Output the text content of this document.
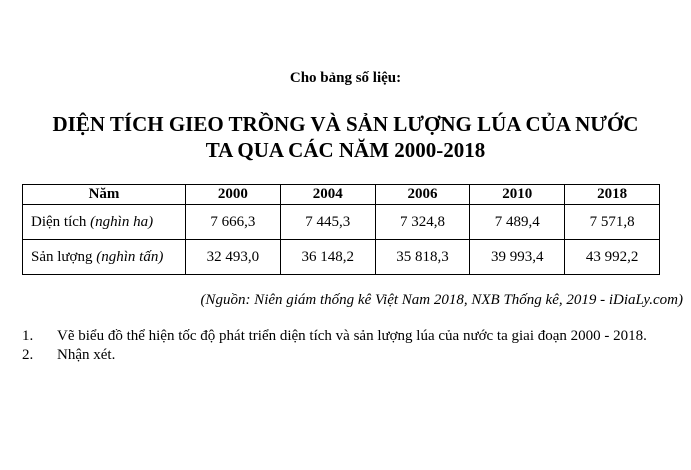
Cho bảng số liệu:
DIỆN TÍCH GIEO TRỒNG VÀ SẢN LƯỢNG LÚA CỦA NƯỚC
TA QUA CÁC NĂM 2000-2018
Năm	2000	2004	2006	2010	2018
Diện tích (nghìn ha)	7 666,3	7 445,3	7 324,8	7 489,4	7 571,8
Sản lượng (nghìn tấn)	32 493,0	36 148,2	35 818,3	39 993,4	43 992,2
(Nguồn: Niên giám thống kê Việt Nam 2018, NXB Thống kê, 2019 - iDiaLy.com)
1.	Vẽ biểu đồ thể hiện tốc độ phát triển diện tích và sản lượng lúa của nước ta giai đoạn 2000 - 2018.
2.	Nhận xét.
